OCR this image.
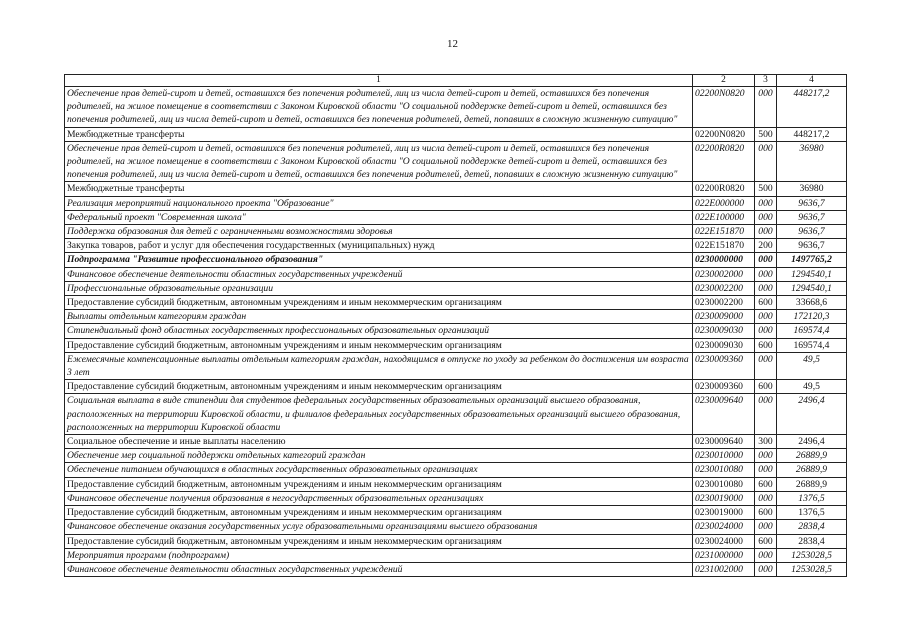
12
1	2	3	4
Обеспечение прав детей-сирот и детей, оставшихся без попечения родителей, лиц из числа детей-сирот и детей, оставшихся без попечения родителей, на жилое помещение в соответствии с Законом Кировской области "О социальной поддержке детей-сирот и детей, оставшихся без попечения родителей, лиц из числа детей-сирот и детей, оставшихся без попечения родителей, детей, попавших в сложную жизненную ситуацию"	02200N0820	000	448217,2
Межбюджетные трансферты	02200N0820	500	448217,2
Обеспечение прав детей-сирот и детей, оставшихся без попечения родителей, лиц из числа детей-сирот и детей, оставшихся без попечения родителей, на жилое помещение в соответствии с Законом Кировской области "О социальной поддержке детей-сирот и детей, оставшихся без попечения родителей, лиц из числа детей-сирот и детей, оставшихся без попечения родителей, детей, попавших в сложную жизненную ситуацию"	02200R0820	000	36980
Межбюджетные трансферты	02200R0820	500	36980
Реализация мероприятий национального проекта "Образование"	022E000000	000	9636,7
Федеральный проект "Современная школа"	022E100000	000	9636,7
Поддержка образования для детей с ограниченными возможностями здоровья	022E151870	000	9636,7
Закупка товаров, работ и услуг для обеспечения государственных (муниципальных) нужд	022E151870	200	9636,7
Подпрограмма "Развитие профессионального образования"	0230000000	000	1497765,2
Финансовое обеспечение деятельности областных государственных учреждений	0230002000	000	1294540,1
Профессиональные образовательные организации	0230002200	000	1294540,1
Предоставление субсидий бюджетным, автономным учреждениям и иным некоммерческим организациям	0230002200	600	33668,6
Выплаты отдельным категориям граждан	0230009000	000	172120,3
Стипендиальный фонд областных государственных профессиональных образовательных организаций	0230009030	000	169574,4
Предоставление субсидий бюджетным, автономным учреждениям и иным некоммерческим организациям	0230009030	600	169574,4
Ежемесячные компенсационные выплаты отдельным категориям граждан, находящимся в отпуске по уходу за ребенком до достижения им возраста 3 лет	0230009360	000	49,5
Предоставление субсидий бюджетным, автономным учреждениям и иным некоммерческим организациям	0230009360	600	49,5
Социальная выплата в виде стипендии для студентов федеральных государственных образовательных организаций высшего образования, расположенных на территории Кировской области, и филиалов федеральных государственных образовательных организаций высшего образования, расположенных на территории Кировской области	0230009640	000	2496,4
Социальное обеспечение и иные выплаты населению	0230009640	300	2496,4
Обеспечение мер социальной поддержки отдельных категорий граждан	0230010000	000	26889,9
Обеспечение питанием обучающихся в областных государственных образовательных организациях	0230010080	000	26889,9
Предоставление субсидий бюджетным, автономным учреждениям и иным некоммерческим организациям	0230010080	600	26889,9
Финансовое обеспечение получения образования в негосударственных образовательных организациях	0230019000	000	1376,5
Предоставление субсидий бюджетным, автономным учреждениям и иным некоммерческим организациям	0230019000	600	1376,5
Финансовое обеспечение оказания государственных услуг образовательными организациями высшего образования	0230024000	000	2838,4
Предоставление субсидий бюджетным, автономным учреждениям и иным некоммерческим организациям	0230024000	600	2838,4
Мероприятия программ (подпрограмм)	0231000000	000	1253028,5
Финансовое обеспечение деятельности областных государственных учреждений	0231002000	000	1253028,5
